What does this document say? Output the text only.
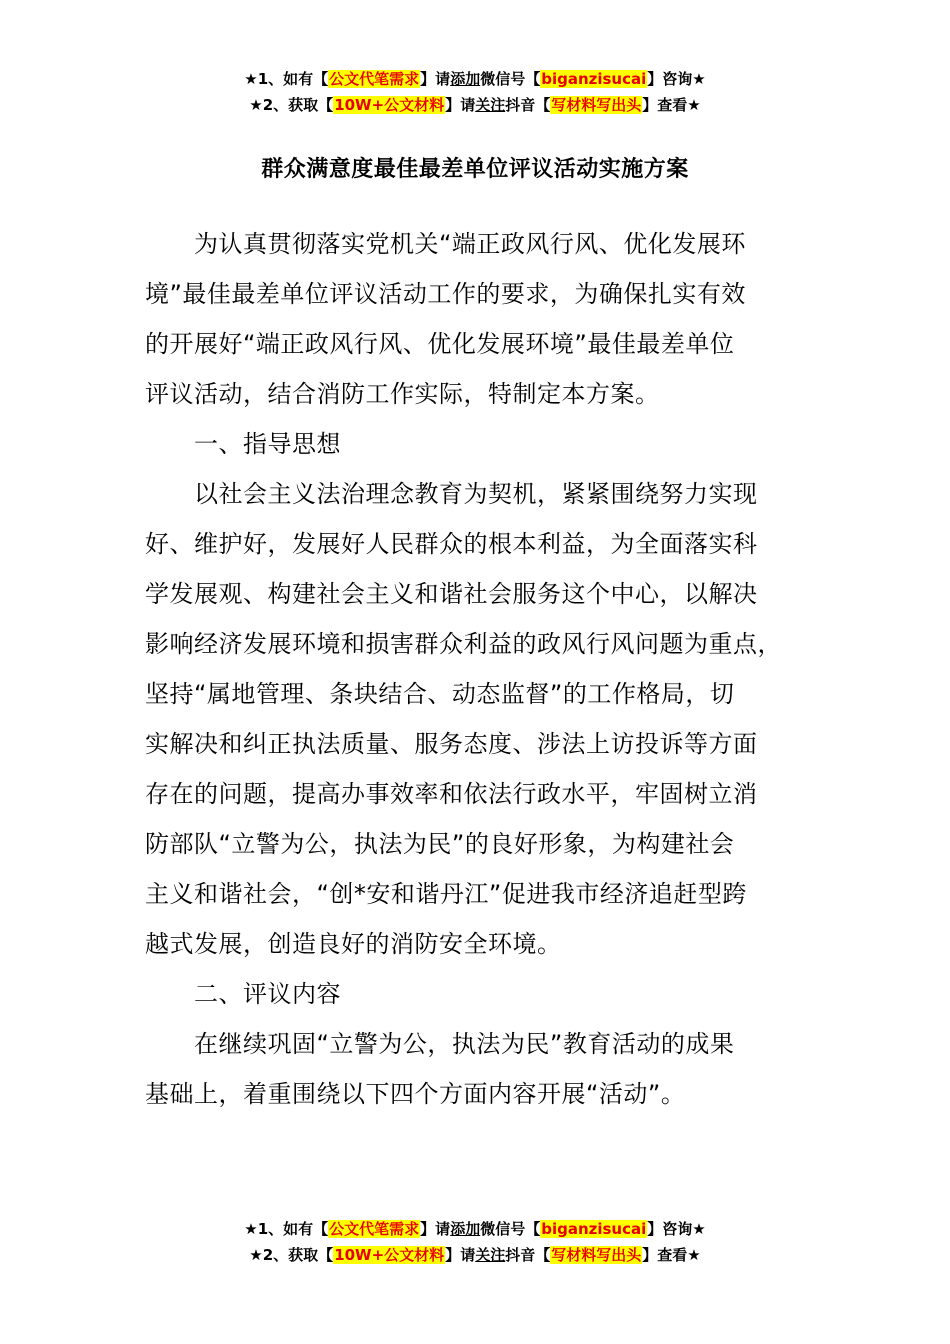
★1、如有【公文代笔需求】请添加微信号【biganzisucai】咨询★
★2、获取【10W+公文材料】请关注抖音【写材料写出头】查看★
群众满意度最佳最差单位评议活动实施方案
为认真贯彻落实党机关“端正政风行风、优化发展环
境”最佳最差单位评议活动工作的要求，为确保扎实有效
的开展好“端正政风行风、优化发展环境”最佳最差单位
评议活动，结合消防工作实际，特制定本方案。
一、指导思想
以社会主义法治理念教育为契机，紧紧围绕努力实现
好、维护好，发展好人民群众的根本利益，为全面落实科
学发展观、构建社会主义和谐社会服务这个中心，以解决
影响经济发展环境和损害群众利益的政风行风问题为重点，
坚持“属地管理、条块结合、动态监督”的工作格局，切
实解决和纠正执法质量、服务态度、涉法上访投诉等方面
存在的问题，提高办事效率和依法行政水平，牢固树立消
防部队“立警为公，执法为民”的良好形象，为构建社会
主义和谐社会，“创*安和谐丹江”促进我市经济追赶型跨
越式发展，创造良好的消防安全环境。
二、评议内容
在继续巩固“立警为公，执法为民”教育活动的成果
基础上，着重围绕以下四个方面内容开展“活动”。
★1、如有【公文代笔需求】请添加微信号【biganzisucai】咨询★
★2、获取【10W+公文材料】请关注抖音【写材料写出头】查看★
